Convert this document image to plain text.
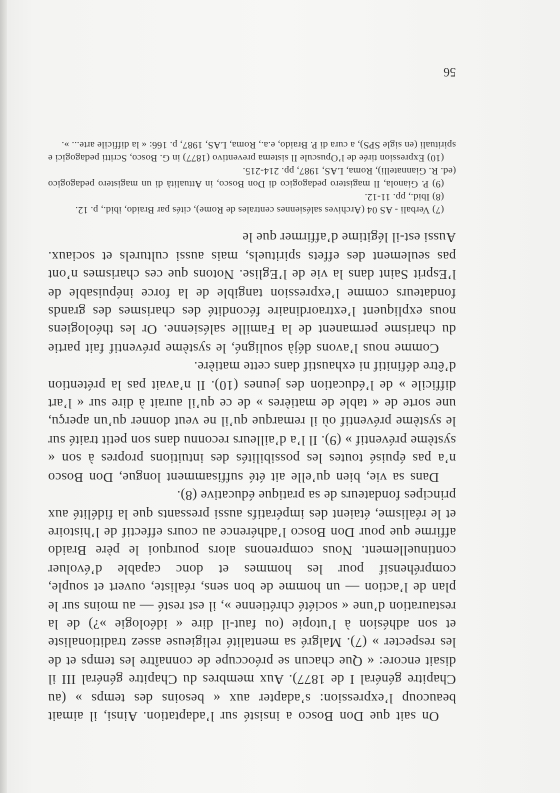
On sait que Don Bosco a insisté sur l’adaptation. Ainsi, il aimait beaucoup l’expression: s’adapter aux « besoins des temps » (au Chapitre général I de 1877). Aux membres du Chapitre général III il disait encore: « Que chacun se préoccupe de connaître les temps et de les respecter » (7). Malgré sa mentalité religieuse assez traditionaliste et son adhésion à l’utopie (ou faut-il dire « idéologie »?) de la restauration d’une « société chrétienne », il est resté — au moins sur le plan de l’action — un homme de bon sens, réaliste, ouvert et souple, compréhensif pour les hommes et donc capable d’évoluer continuellement. Nous comprenons alors pourquoi le père Braido affirme que pour Don Bosco l’adhérence au cours effectif de l’histoire et le réalisme, étaient des impératifs aussi pressants que la fidélité aux principes fondateurs de sa pratique éducative (8).

Dans sa vie, bien qu’elle ait été suffisamment longue, Don Bosco n’a pas épuisé toutes les possibilités des intuitions propres à son « système préventif » (9). Il l’a d’ailleurs reconnu dans son petit traité sur le système préventif où il remarque qu’il ne veut donner qu’un aperçu, une sorte de « table de matières » de ce qu’il aurait à dire sur « l’art difficile » de l’éducation des jeunes (10). Il n’avait pas la prétention d’être définitif ni exhaustif dans cette matière.

Comme nous l’avons déjà souligné, le système préventif fait partie du charisme permanent de la Famille salésienne. Or les théologiens nous expliquent l’extraordinaire fécondité des charismes des grands fondateurs comme l’expression tangible de la force inépuisable de l’Esprit Saint dans la vie de l’Eglise. Notons que ces charismes n’ont pas seulement des effets spirituels, mais aussi culturels et sociaux. Aussi est-il légitime d’affirmer que le

(7) Verbali - AS 04 (Archives salésiennes centrales de Rome), cités par Braido, ibid., p. 12.

(8) Ibid., pp. 11-12.

(9) P. Gianola, Il magistero pedagogico di Don Bosco, in Attualità di un magistero pedagogico (ed. R. Giannatelli), Roma, LAS, 1987, pp. 214-215.

(10) Expression tirée de l’Opuscule Il sistema preventivo (1877) in G. Bosco, Scritti pedagogici e spirituali (en sigle SPS), a cura di P. Braido, e.a., Roma, LAS, 1987, p. 166: « la difficile arte... ».

56
